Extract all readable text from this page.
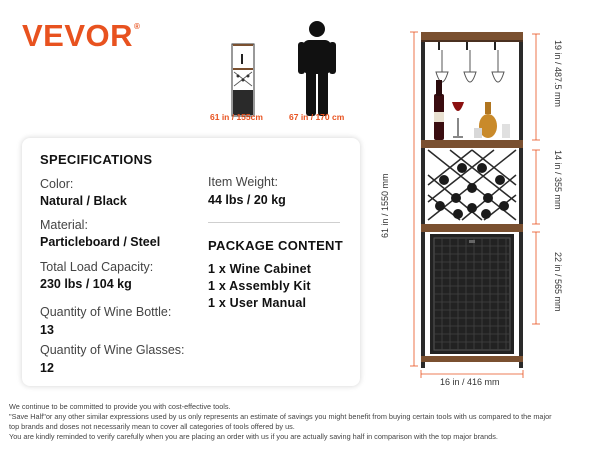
VEVOR®
61 in / 155cm	67 in / 170 cm
SPECIFICATIONS
Color:
Natural / Black
Material:
Particleboard / Steel
Total Load Capacity:
230 lbs / 104 kg
Quantity of Wine Bottle:
13
Quantity of Wine Glasses:
12
Item Weight:
44 lbs / 20 kg
PACKAGE CONTENT
1 x Wine Cabinet
1 x Assembly Kit
1 x User Manual
61 in / 1550 mm
16 in / 416 mm
19 in / 487.5 mm
14 in / 355 mm
22 in / 565 mm
We continue to be committed to provide you with cost-effective tools.
"Save Half"or any other similar expressions used by us only represents an estimate of savings you might benefit from buying certain tools with us compared to the major
top brands and doses not necessarily mean to cover all categories of tools offered by us.
You are kindly reminded to verify carefully when you are placing an order with us if you are actually saving half in comparison with the top major brands.
